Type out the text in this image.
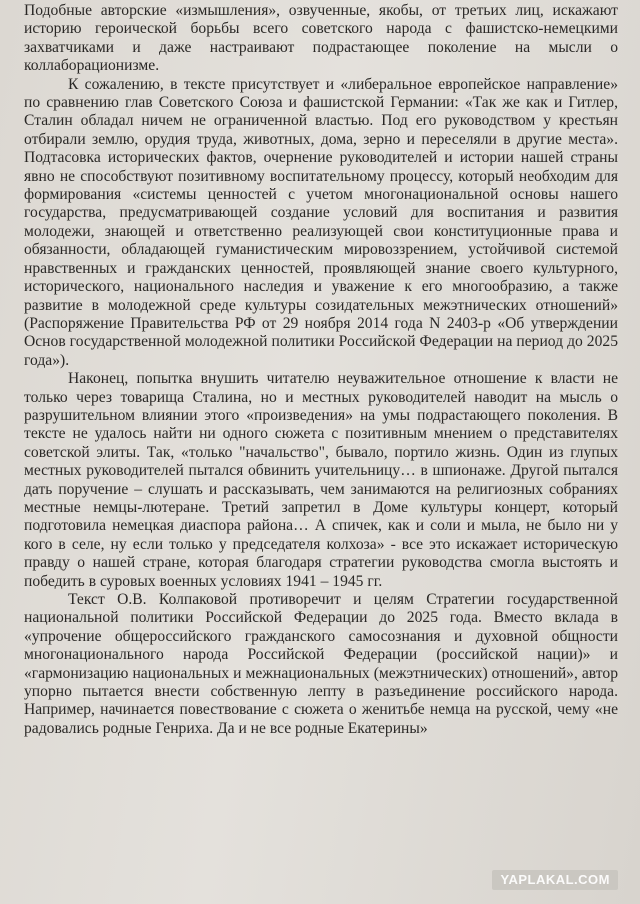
Подобные авторские «измышления», озвученные, якобы, от третьих лиц, искажают историю героической борьбы всего советского народа с фашистско-немецкими захватчиками и даже настраивают подрастающее поколение на мысли о коллаборационизме.

К сожалению, в тексте присутствует и «либеральное европейское направление» по сравнению глав Советского Союза и фашистской Германии: «Так же как и Гитлер, Сталин обладал ничем не ограниченной властью. Под его руководством у крестьян отбирали землю, орудия труда, животных, дома, зерно и переселяли в другие места». Подтасовка исторических фактов, очернение руководителей и истории нашей страны явно не способствуют позитивному воспитательному процессу, который необходим для формирования «системы ценностей с учетом многонациональной основы нашего государства, предусматривающей создание условий для воспитания и развития молодежи, знающей и ответственно реализующей свои конституционные права и обязанности, обладающей гуманистическим мировоззрением, устойчивой системой нравственных и гражданских ценностей, проявляющей знание своего культурного, исторического, национального наследия и уважение к его многообразию, а также развитие в молодежной среде культуры созидательных межэтнических отношений» (Распоряжение Правительства РФ от 29 ноября 2014 года N 2403-р «Об утверждении Основ государственной молодежной политики Российской Федерации на период до 2025 года»).

Наконец, попытка внушить читателю неуважительное отношение к власти не только через товарища Сталина, но и местных руководителей наводит на мысль о разрушительном влиянии этого «произведения» на умы подрастающего поколения. В тексте не удалось найти ни одного сюжета с позитивным мнением о представителях советской элиты. Так, «только "начальство", бывало, портило жизнь. Один из глупых местных руководителей пытался обвинить учительницу… в шпионаже. Другой пытался дать поручение – слушать и рассказывать, чем занимаются на религиозных собраниях местные немцы-лютеране. Третий запретил в Доме культуры концерт, который подготовила немецкая диаспора района… А спичек, как и соли и мыла, не было ни у кого в селе, ну если только у председателя колхоза» - все это искажает историческую правду о нашей стране, которая благодаря стратегии руководства смогла выстоять и победить в суровых военных условиях 1941 – 1945 гг.

Текст О.В. Колпаковой противоречит и целям Стратегии государственной национальной политики Российской Федерации до 2025 года. Вместо вклада в «упрочение общероссийского гражданского самосознания и духовной общности многонационального народа Российской Федерации (российской нации)» и «гармонизацию национальных и межнациональных (межэтнических) отношений», автор упорно пытается внести собственную лепту в разъединение российского народа. Например, начинается повествование с сюжета о женитьбе немца на русской, чему «не радовались родные Генриха. Да и не все родные Екатерины»

YAPLAKAL.COM
